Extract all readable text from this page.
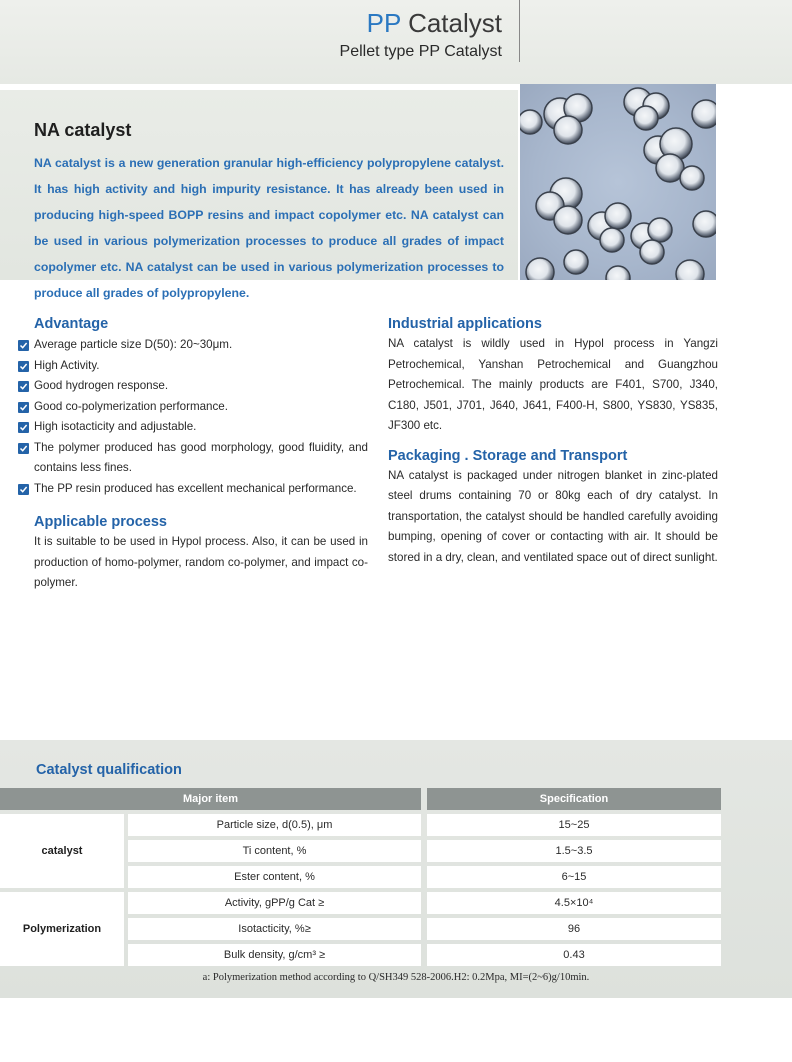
PP Catalyst
Pellet type PP Catalyst
NA catalyst
NA catalyst is a new generation granular high-efficiency polypropylene catalyst. It has high activity and high impurity resistance. It has already been used in producing high-speed BOPP resins and impact copolymer etc. NA catalyst can be used in various polymerization processes to produce all grades of impact copolymer etc. NA catalyst can be used in various polymerization processes to produce all grades of polypropylene.
Advantage
Average particle size D(50): 20~30μm.
High Activity.
Good hydrogen response.
Good co-polymerization performance.
High isotacticity and adjustable.
The polymer produced has good morphology, good fluidity, and contains less fines.
The PP resin produced has excellent mechanical performance.
Applicable process
It is suitable to be used in Hypol process. Also, it can be used in production of homo-polymer, random co-polymer, and impact co-polymer.
Industrial applications
NA catalyst is wildly used in Hypol process in Yangzi Petrochemical, Yanshan Petrochemical and Guangzhou Petrochemical. The mainly products are F401, S700, J340, C180, J501, J701, J640, J641, F400-H, S800, YS830, YS835, JF300 etc.
Packaging . Storage and Transport
NA catalyst is packaged under nitrogen blanket in zinc-plated steel drums containing 70 or 80kg each of dry catalyst. In transportation, the catalyst should be handled carefully avoiding bumping, opening of cover or contacting with air. It should be stored in a dry, clean, and ventilated space out of direct sunlight.
Catalyst qualification
Major item	Specification
catalyst
Particle size, d(0.5), μm	15~25
Ti content, %	1.5~3.5
Ester content, %	6~15
Polymerization
Activity, gPP/g Cat ≥	4.5×10⁴
Isotacticity, %≥	96
Bulk density, g/cm³ ≥	0.43
a: Polymerization method according to Q/SH349 528-2006.H2: 0.2Mpa, MI=(2~6)g/10min.
